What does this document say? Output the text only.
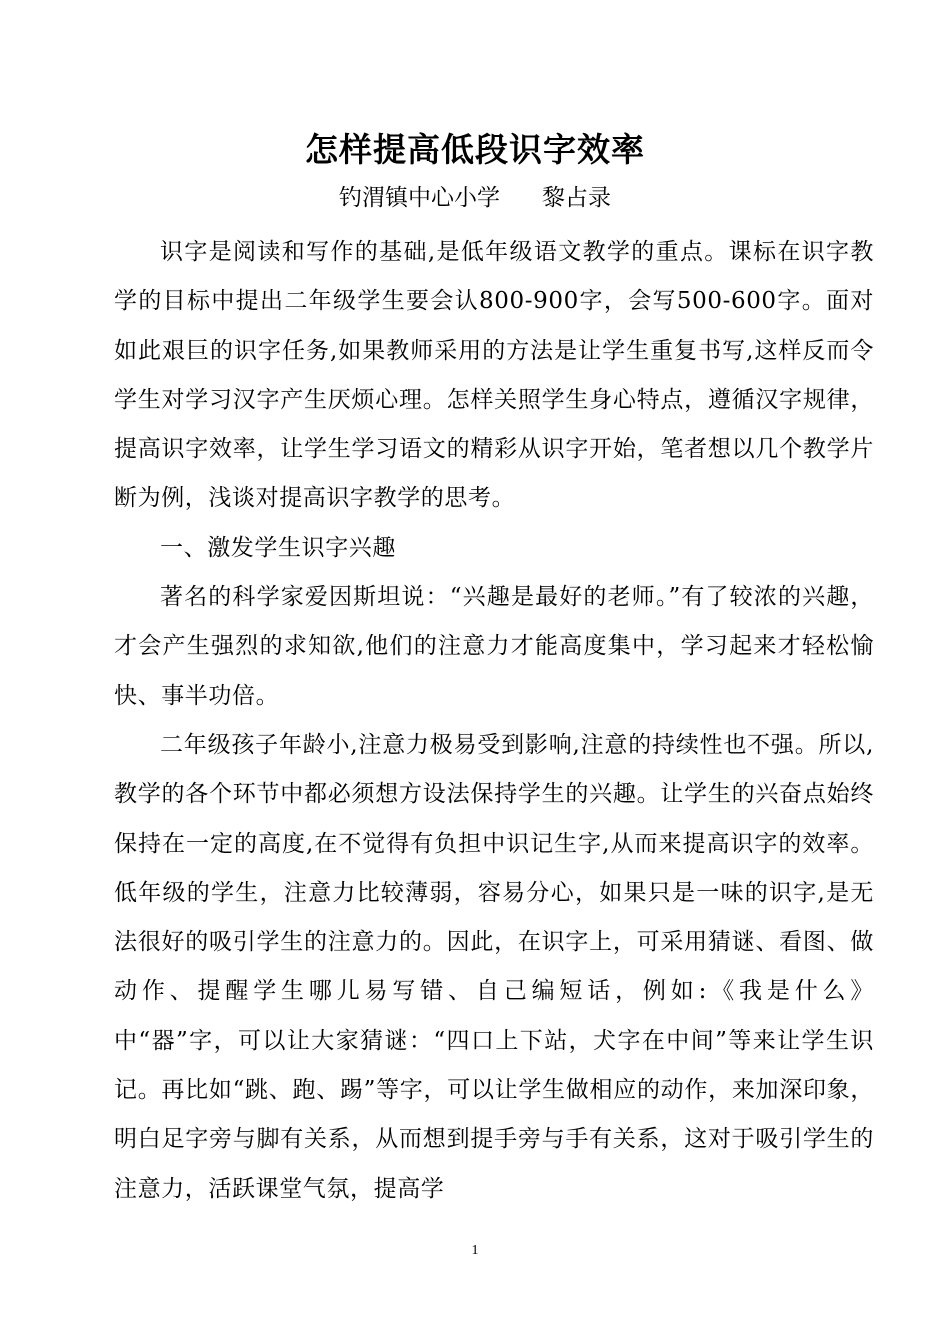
怎样提高低段识字效率
钓渭镇中心小学 黎占录

识字是阅读和写作的基础,是低年级语文教学的重点。课标在识字教学的目标中提出二年级学生要会认800-900字，会写500-600字。面对如此艰巨的识字任务,如果教师采用的方法是让学生重复书写,这样反而令学生对学习汉字产生厌烦心理。怎样关照学生身心特点，遵循汉字规律，提高识字效率，让学生学习语文的精彩从识字开始，笔者想以几个教学片断为例，浅谈对提高识字教学的思考。

一、激发学生识字兴趣

著名的科学家爱因斯坦说：“兴趣是最好的老师。”有了较浓的兴趣，才会产生强烈的求知欲,他们的注意力才能高度集中，学习起来才轻松愉快、事半功倍。

二年级孩子年龄小,注意力极易受到影响,注意的持续性也不强。所以,教学的各个环节中都必须想方设法保持学生的兴趣。让学生的兴奋点始终保持在一定的高度,在不觉得有负担中识记生字,从而来提高识字的效率。低年级的学生，注意力比较薄弱，容易分心，如果只是一味的识字,是无法很好的吸引学生的注意力的。因此，在识字上，可采用猜谜、看图、做动作、提醒学生哪儿易写错、自己编短话，例如:《我是什么》中“器”字，可以让大家猜谜：“四口上下站，犬字在中间”等来让学生识记。再比如“跳、跑、踢”等字，可以让学生做相应的动作，来加深印象，明白足字旁与脚有关系，从而想到提手旁与手有关系，这对于吸引学生的注意力，活跃课堂气氛，提高学

1
